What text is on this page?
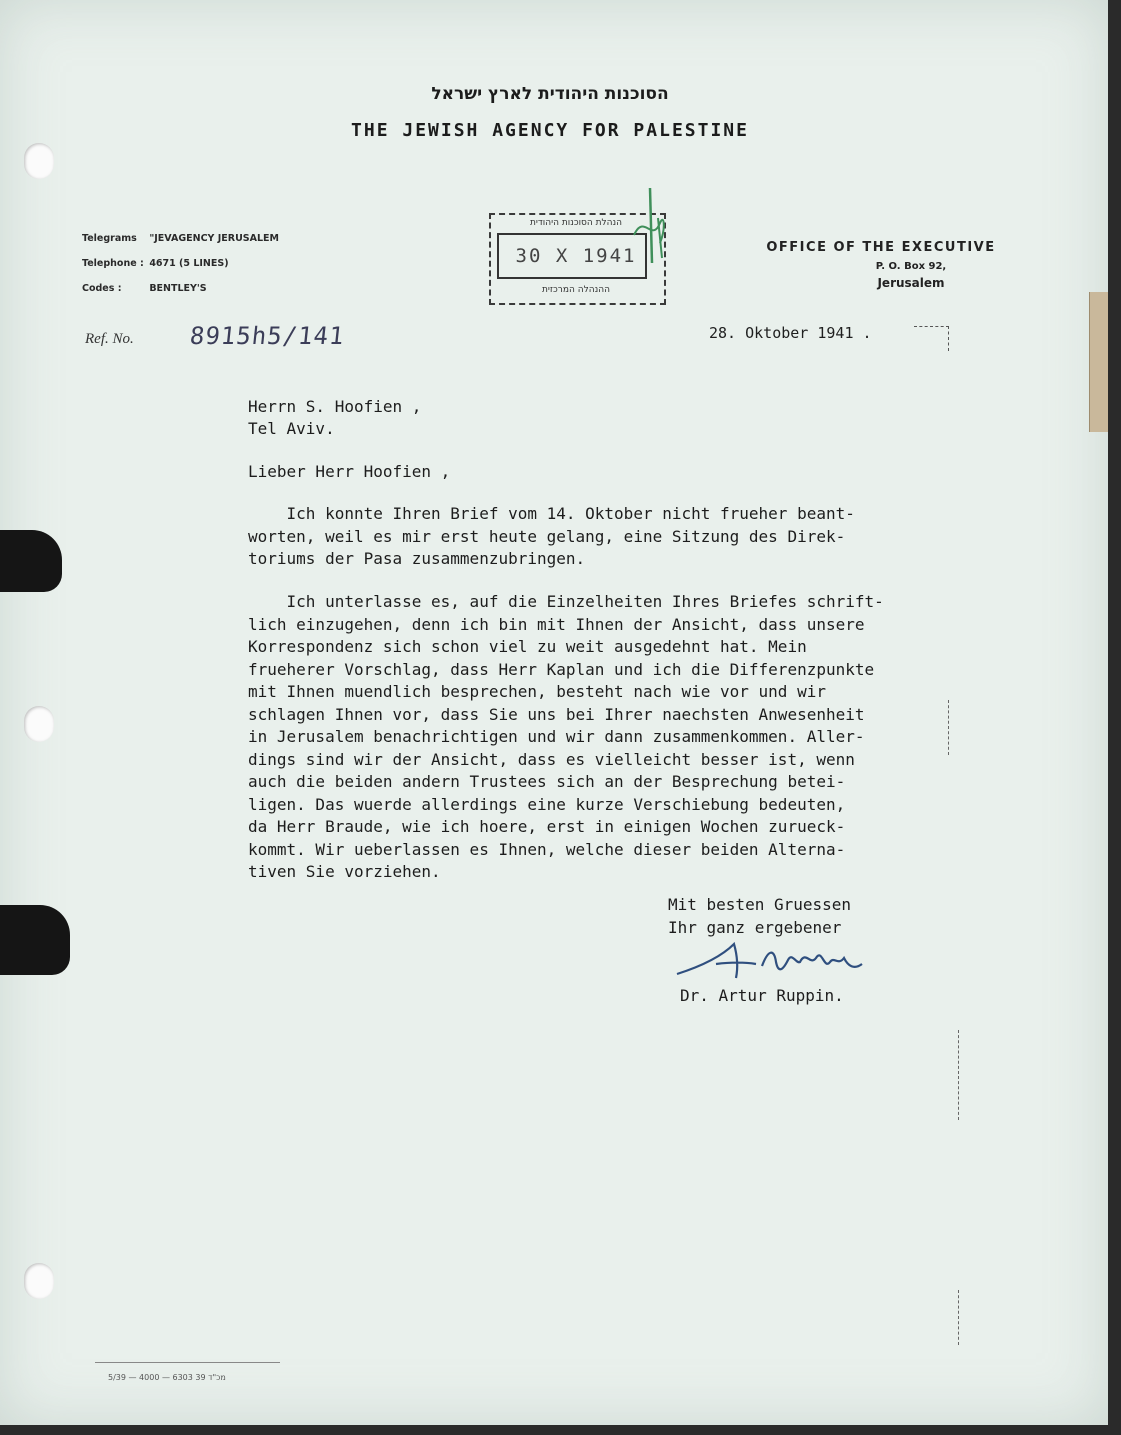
הסוכנות היהודית לארץ ישראל
THE JEWISH AGENCY FOR PALESTINE
Telegrams "JEVAGENCY JERUSALEM
Telephone : 4671 (5 LINES)
Codes :	BENTLEY'S
OFFICE OF THE EXECUTIVE
P. O. Box 92,
Jerusalem
הנהלת הסוכנות היהודית
30 X 1941
ההנהלה המרכזית
Ref. No. 8915h5/141	28. Oktober 1941 .
Herrn S. Hoofien ,
Tel Aviv.
Lieber Herr Hoofien ,
Ich konnte Ihren Brief vom 14. Oktober nicht frueher beant-
worten, weil es mir erst heute gelang, eine Sitzung des Direk-
toriums der Pasa zusammenzubringen.
Ich unterlasse es, auf die Einzelheiten Ihres Briefes schrift-
lich einzugehen, denn ich bin mit Ihnen der Ansicht, dass unsere
Korrespondenz sich schon viel zu weit ausgedehnt hat. Mein
frueherer Vorschlag, dass Herr Kaplan und ich die Differenzpunkte
mit Ihnen muendlich besprechen, besteht nach wie vor und wir
schlagen Ihnen vor, dass Sie uns bei Ihrer naechsten Anwesenheit
in Jerusalem benachrichtigen und wir dann zusammenkommen. Aller-
dings sind wir der Ansicht, dass es vielleicht besser ist, wenn
auch die beiden andern Trustees sich an der Besprechung betei-
ligen. Das wuerde allerdings eine kurze Verschiebung bedeuten,
da Herr Braude, wie ich hoere, erst in einigen Wochen zurueck-
kommt. Wir ueberlassen es Ihnen, welche dieser beiden Alterna-
tiven Sie vorziehen.
Mit besten Gruessen
Ihr ganz ergebener
Dr. Artur Ruppin.
5/39 — 4000 — 6303 39 מכ"ד
